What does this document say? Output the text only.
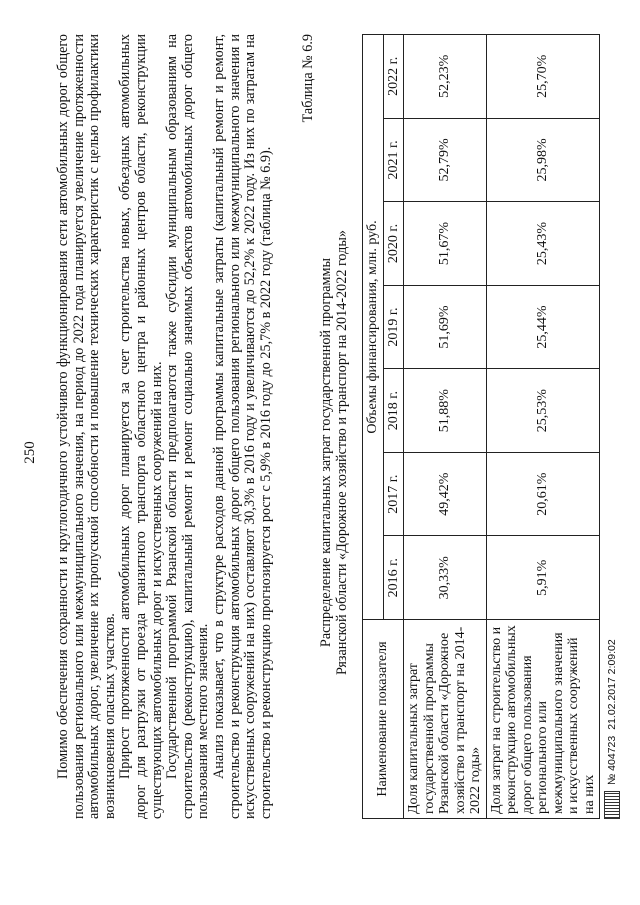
250 Помимо обеспечения сохранности и круглогодичного устойчивого функционирования сети автомобильных дорог общего пользования регионального или межмуниципального значения, на период до 2022 года планируется увеличение протяженности автомобильных дорог, увеличение их пропускной способности и повышение технических характеристик с целью профилактики возникновения опасных участков. Прирост протяженности автомобильных дорог планируется за счет строительства новых, объездных автомобильных дорог для разгрузки от проезда транзитного транспорта областного центра и районных центров области, реконструкции существующих автомобильных дорог и искусственных сооружений на них. Государственной программой Рязанской области предполагаются также субсидии муниципальным образованиям на строительство (реконструкцию), капитальный ремонт и ремонт социально значимых объектов автомобильных дорог общего пользования местного значения. Анализ показывает, что в структуре расходов данной программы капитальные затраты (капитальный ремонт и ремонт, строительство и реконструкция автомобильных дорог общего пользования регионального или межмуниципального значения и искусственных сооружений на них) составляют 30,3% в 2016 году и увеличиваются до 52,2% к 2022 году. Из них по затратам на строительство и реконструкцию прогнозируется рост с 5,9% в 2016 году до 25,7% в 2022 году (таблица № 6.9).

Таблица № 6.9
Распределение капитальных затрат государственной программы Рязанской области «Дорожное хозяйство и транспорт на 2014-2022 годы»
Наименование показателя	Объемы финансирования, млн. руб.						
	2016 г.	2017 г.	2018 г.	2019 г.	2020 г.	2021 г.	2022 г.
Доля капитальных затрат государственной программы Рязанской области «Дорожное хозяйство и транспорт на 2014-2022 годы»	30,33%	49,42%	51,88%	51,69%	51,67%	52,79%	52,23%
Доля затрат на строительство и реконструкцию автомобильных дорог общего пользования регионального или межмуниципального значения и искусственных сооружений на них	5,91%	20,61%	25,53%	25,44%	25,43%	25,98%	25,70%
№ 404723
21.02.2017 2:09:02
